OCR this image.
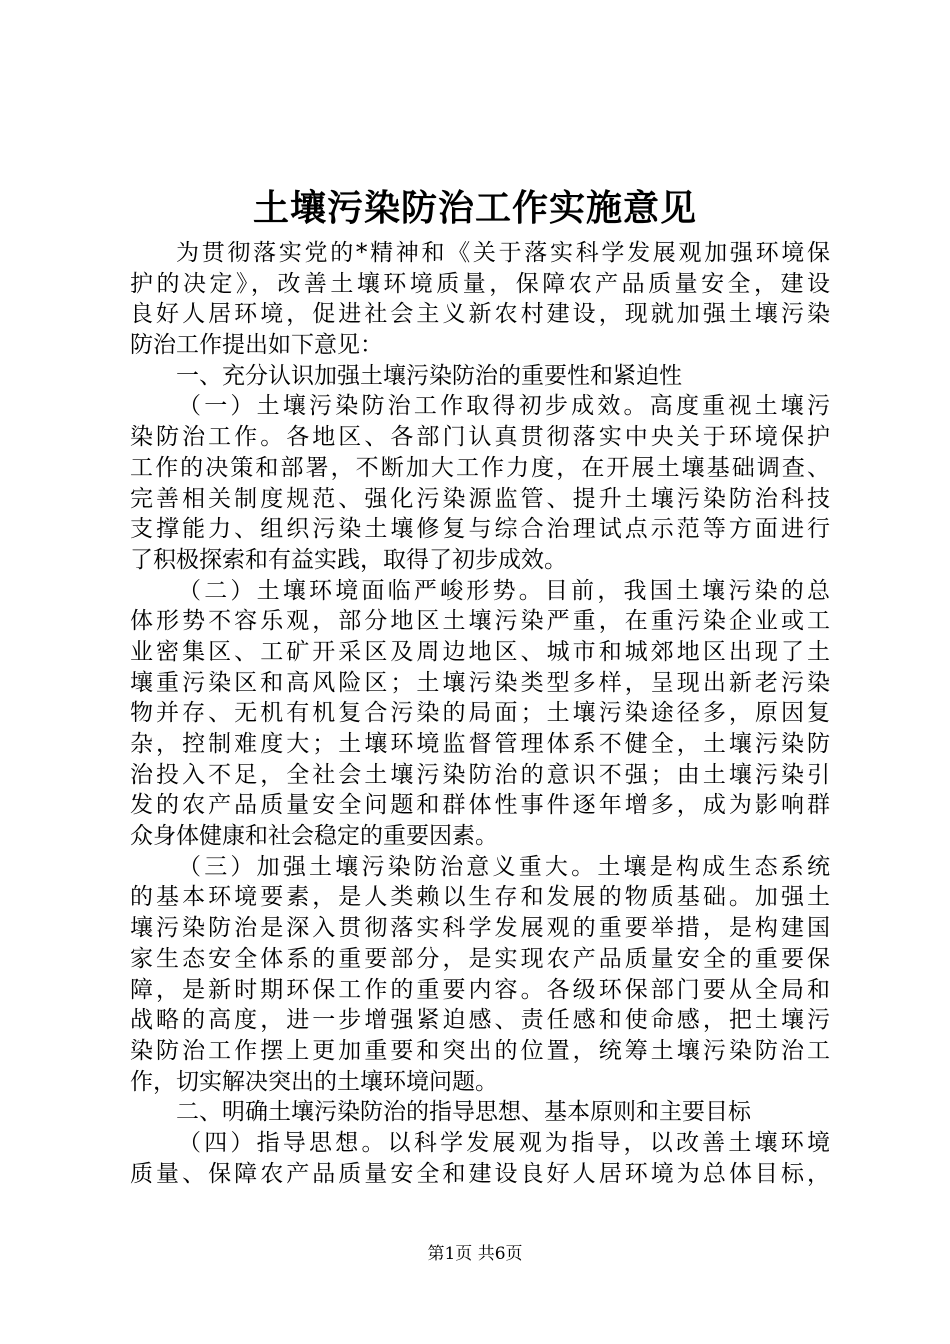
土壤污染防治工作实施意见
为贯彻落实党的*精神和《关于落实科学发展观加强环境保
护的决定》，改善土壤环境质量，保障农产品质量安全，建设
良好人居环境，促进社会主义新农村建设，现就加强土壤污染
防治工作提出如下意见：
一、充分认识加强土壤污染防治的重要性和紧迫性
（一）土壤污染防治工作取得初步成效。高度重视土壤污
染防治工作。各地区、各部门认真贯彻落实中央关于环境保护
工作的决策和部署，不断加大工作力度，在开展土壤基础调查、
完善相关制度规范、强化污染源监管、提升土壤污染防治科技
支撑能力、组织污染土壤修复与综合治理试点示范等方面进行
了积极探索和有益实践，取得了初步成效。
（二）土壤环境面临严峻形势。目前，我国土壤污染的总
体形势不容乐观，部分地区土壤污染严重，在重污染企业或工
业密集区、工矿开采区及周边地区、城市和城郊地区出现了土
壤重污染区和高风险区；土壤污染类型多样，呈现出新老污染
物并存、无机有机复合污染的局面；土壤污染途径多，原因复
杂，控制难度大；土壤环境监督管理体系不健全，土壤污染防
治投入不足，全社会土壤污染防治的意识不强；由土壤污染引
发的农产品质量安全问题和群体性事件逐年增多，成为影响群
众身体健康和社会稳定的重要因素。
（三）加强土壤污染防治意义重大。土壤是构成生态系统
的基本环境要素，是人类赖以生存和发展的物质基础。加强土
壤污染防治是深入贯彻落实科学发展观的重要举措，是构建国
家生态安全体系的重要部分，是实现农产品质量安全的重要保
障，是新时期环保工作的重要内容。各级环保部门要从全局和
战略的高度，进一步增强紧迫感、责任感和使命感，把土壤污
染防治工作摆上更加重要和突出的位置，统筹土壤污染防治工
作，切实解决突出的土壤环境问题。
二、明确土壤污染防治的指导思想、基本原则和主要目标
（四）指导思想。以科学发展观为指导，以改善土壤环境
质量、保障农产品质量安全和建设良好人居环境为总体目标，
第1页 共6页
